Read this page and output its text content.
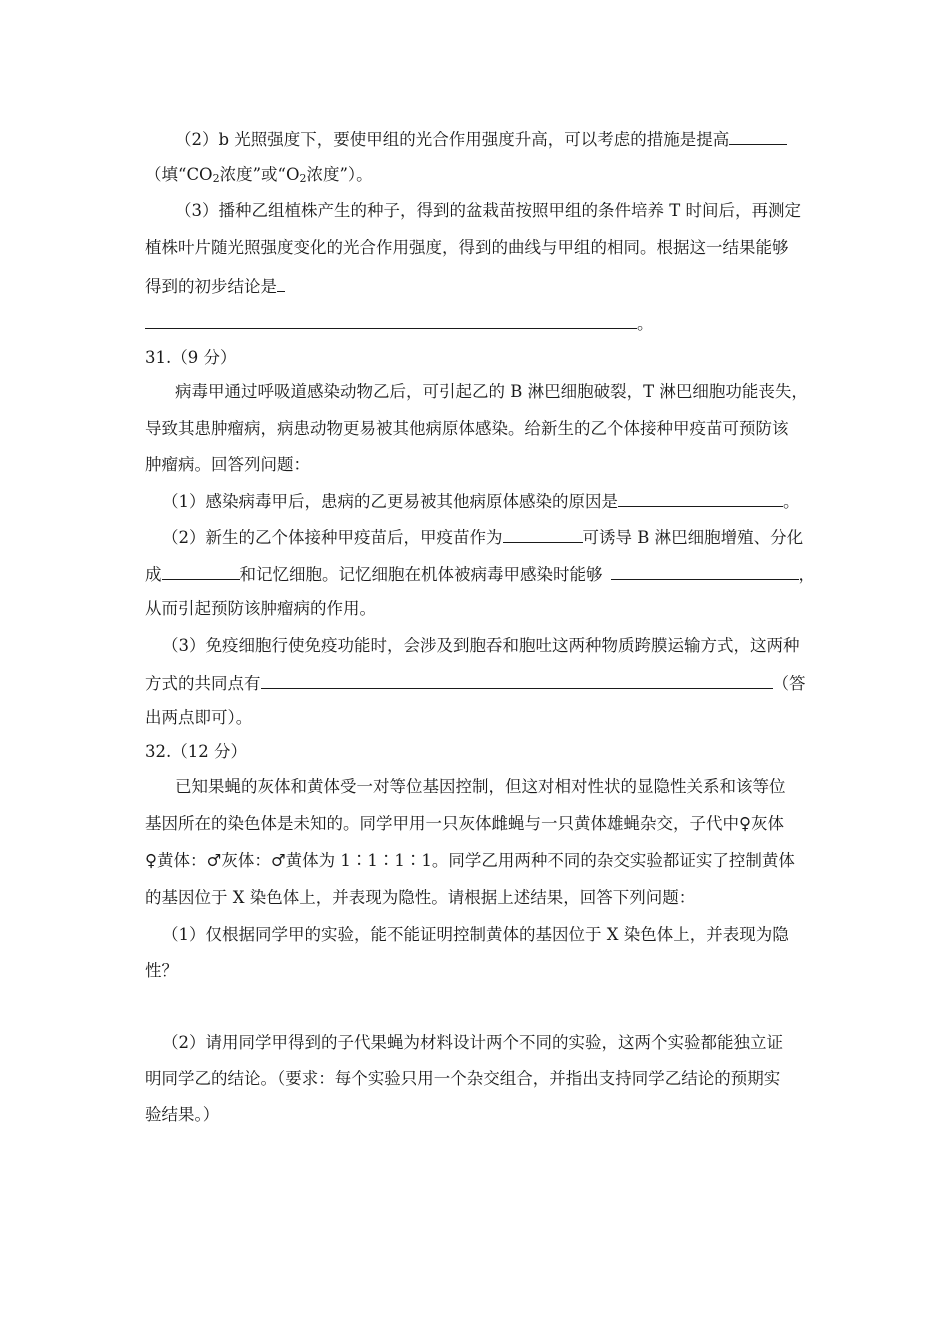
（2）b 光照强度下，要使甲组的光合作用强度升高，可以考虑的措施是提高
（填“$CO_2$浓度”或“$O_2$浓度”）。
（3）播种乙组植株产生的种子，得到的盆栽苗按照甲组的条件培养 T 时间后，再测定
植株叶片随光照强度变化的光合作用强度，得到的曲线与甲组的相同。根据这一结果能够
得到的初步结论是
。
31.（9 分）
病毒甲通过呼吸道感染动物乙后，可引起乙的 B 淋巴细胞破裂，T 淋巴细胞功能丧失，
导致其患肿瘤病，病患动物更易被其他病原体感染。给新生的乙个体接种甲疫苗可预防该
肿瘤病。回答列问题：
（1）感染病毒甲后，患病的乙更易被其他病原体感染的原因是	。
（2）新生的乙个体接种甲疫苗后，甲疫苗作为	可诱导 B 淋巴细胞增殖、分化
成	和记忆细胞。记忆细胞在机体被病毒甲感染时能够	，
从而引起预防该肿瘤病的作用。
（3）免疫细胞行使免疫功能时，会涉及到胞吞和胞吐这两种物质跨膜运输方式，这两种
方式的共同点有	（答
出两点即可）。
32.（12 分）
已知果蝇的灰体和黄体受一对等位基因控制，但这对相对性状的显隐性关系和该等位
基因所在的染色体是未知的。同学甲用一只灰体雌蝇与一只黄体雄蝇杂交，子代中♀灰体
♀黄体：♂灰体：♂黄体为 1∶1∶1∶1。同学乙用两种不同的杂交实验都证实了控制黄体
的基因位于 X 染色体上，并表现为隐性。请根据上述结果，回答下列问题：
（1）仅根据同学甲的实验，能不能证明控制黄体的基因位于 X 染色体上，并表现为隐
性？
（2）请用同学甲得到的子代果蝇为材料设计两个不同的实验，这两个实验都能独立证
明同学乙的结论。（要求：每个实验只用一个杂交组合，并指出支持同学乙结论的预期实
验结果。）
